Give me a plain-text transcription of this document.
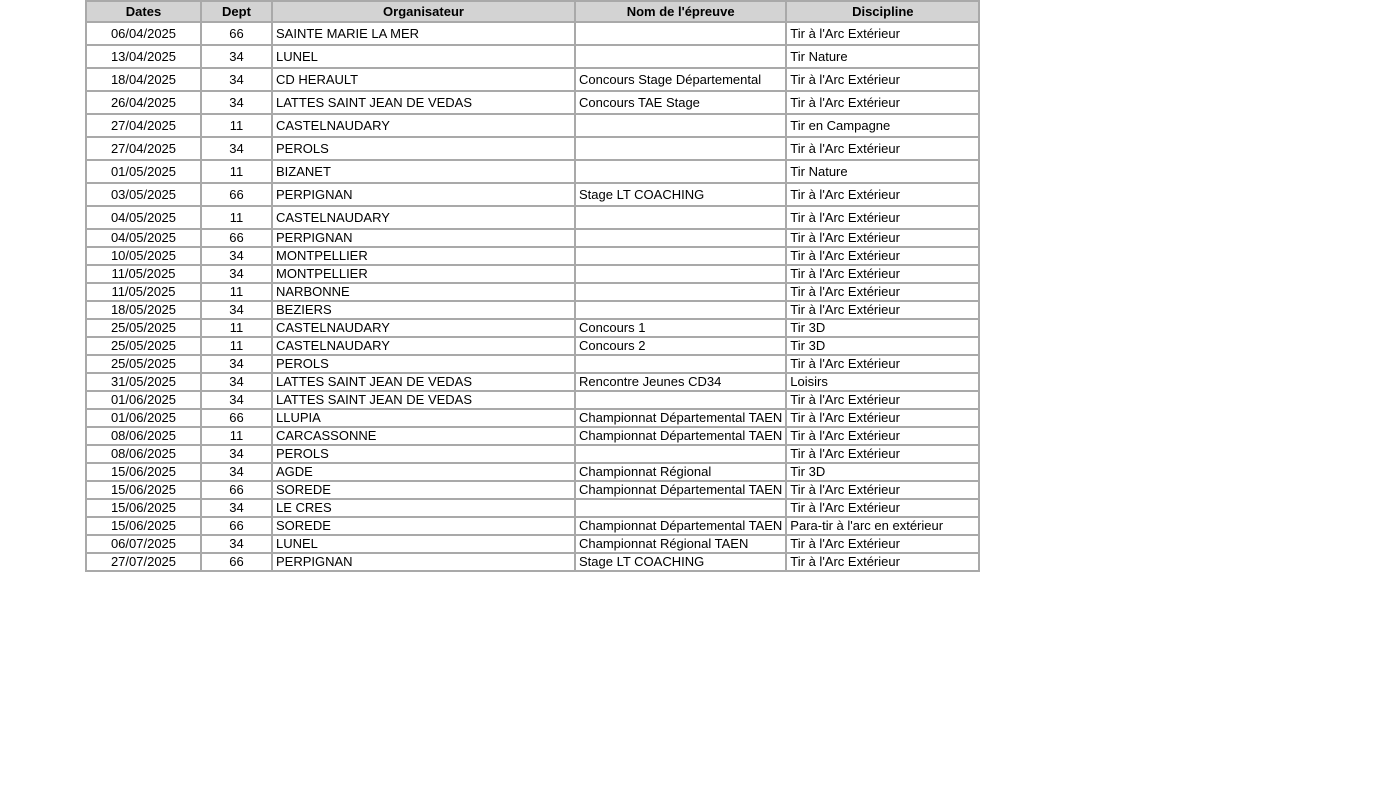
Dates	Dept	Organisateur	Nom de l'épreuve	Discipline
06/04/2025	66	SAINTE MARIE LA MER		Tir à l'Arc Extérieur
13/04/2025	34	LUNEL		Tir Nature
18/04/2025	34	CD HERAULT	Concours Stage Départemental	Tir à l'Arc Extérieur
26/04/2025	34	LATTES SAINT JEAN DE VEDAS	Concours TAE Stage	Tir à l'Arc Extérieur
27/04/2025	11	CASTELNAUDARY		Tir en Campagne
27/04/2025	34	PEROLS		Tir à l'Arc Extérieur
01/05/2025	11	BIZANET		Tir Nature
03/05/2025	66	PERPIGNAN	Stage LT COACHING	Tir à l'Arc Extérieur
04/05/2025	11	CASTELNAUDARY		Tir à l'Arc Extérieur
04/05/2025	66	PERPIGNAN		Tir à l'Arc Extérieur
10/05/2025	34	MONTPELLIER		Tir à l'Arc Extérieur
11/05/2025	34	MONTPELLIER		Tir à l'Arc Extérieur
11/05/2025	11	NARBONNE		Tir à l'Arc Extérieur
18/05/2025	34	BEZIERS		Tir à l'Arc Extérieur
25/05/2025	11	CASTELNAUDARY	Concours 1	Tir 3D
25/05/2025	11	CASTELNAUDARY	Concours 2	Tir 3D
25/05/2025	34	PEROLS		Tir à l'Arc Extérieur
31/05/2025	34	LATTES SAINT JEAN DE VEDAS	Rencontre Jeunes CD34	Loisirs
01/06/2025	34	LATTES SAINT JEAN DE VEDAS		Tir à l'Arc Extérieur
01/06/2025	66	LLUPIA	Championnat Départemental TAEN	Tir à l'Arc Extérieur
08/06/2025	11	CARCASSONNE	Championnat Départemental TAEN	Tir à l'Arc Extérieur
08/06/2025	34	PEROLS		Tir à l'Arc Extérieur
15/06/2025	34	AGDE	Championnat Régional	Tir 3D
15/06/2025	66	SOREDE	Championnat Départemental TAEN	Tir à l'Arc Extérieur
15/06/2025	34	LE CRES		Tir à l'Arc Extérieur
15/06/2025	66	SOREDE	Championnat Départemental TAEN	Para-tir à l'arc en extérieur
06/07/2025	34	LUNEL	Championnat Régional TAEN	Tir à l'Arc Extérieur
27/07/2025	66	PERPIGNAN	Stage LT COACHING	Tir à l'Arc Extérieur
